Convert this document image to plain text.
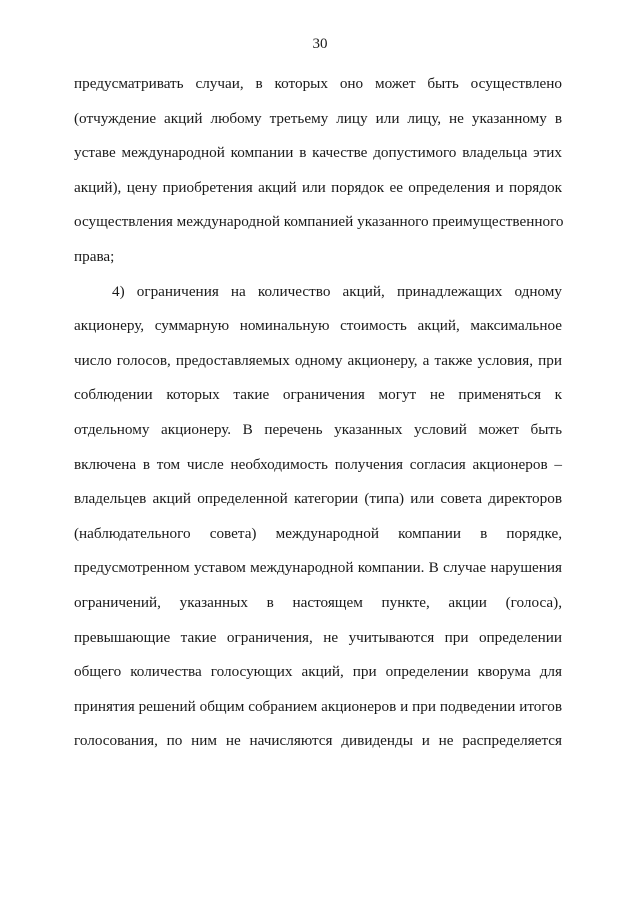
30
предусматривать случаи, в которых оно может быть осуществлено
(отчуждение акций любому третьему лицу или лицу, не указанному в
уставе международной компании в качестве допустимого владельца этих
акций), цену приобретения акций или порядок ее определения и порядок
осуществления международной компанией указанного преимущественного
права;
4) ограничения на количество акций, принадлежащих одному
акционеру, суммарную номинальную стоимость акций, максимальное
число голосов, предоставляемых одному акционеру, а также условия, при
соблюдении которых такие ограничения могут не применяться к
отдельному акционеру. В перечень указанных условий может быть
включена в том числе необходимость получения согласия акционеров –
владельцев акций определенной категории (типа) или совета директоров
(наблюдательного совета) международной компании в порядке,
предусмотренном уставом международной компании. В случае нарушения
ограничений, указанных в настоящем пункте, акции (голоса),
превышающие такие ограничения, не учитываются при определении
общего количества голосующих акций, при определении кворума для
принятия решений общим собранием акционеров и при подведении итогов
голосования, по ним не начисляются дивиденды и не распределяется
